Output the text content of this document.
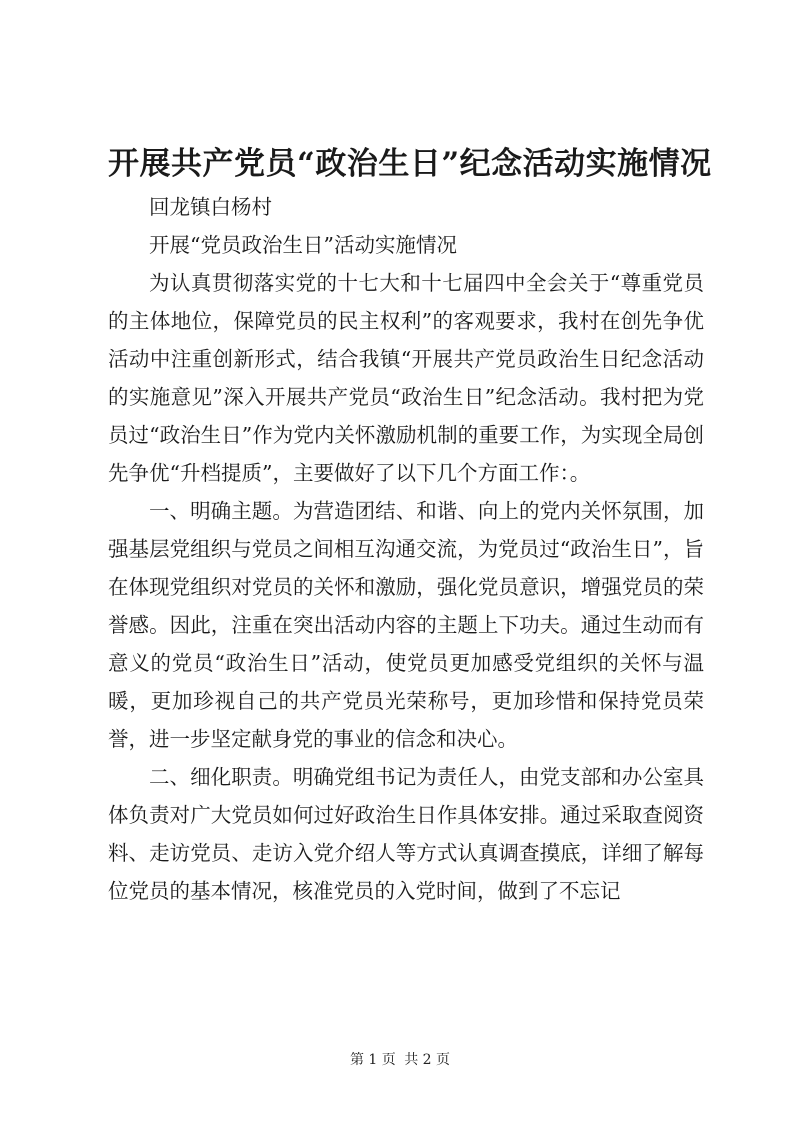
开展共产党员“政治生日”纪念活动实施情况

回龙镇白杨村

开展“党员政治生日”活动实施情况

为认真贯彻落实党的十七大和十七届四中全会关于“尊重党员的主体地位，保障党员的民主权利”的客观要求，我村在创先争优活动中注重创新形式，结合我镇“开展共产党员政治生日纪念活动的实施意见”深入开展共产党员“政治生日”纪念活动。我村把为党员过“政治生日”作为党内关怀激励机制的重要工作，为实现全局创先争优“升档提质”，主要做好了以下几个方面工作：。

一、明确主题。为营造团结、和谐、向上的党内关怀氛围，加强基层党组织与党员之间相互沟通交流，为党员过“政治生日”，旨在体现党组织对党员的关怀和激励，强化党员意识，增强党员的荣誉感。因此，注重在突出活动内容的主题上下功夫。通过生动而有意义的党员“政治生日”活动，使党员更加感受党组织的关怀与温暖，更加珍视自己的共产党员光荣称号，更加珍惜和保持党员荣誉，进一步坚定献身党的事业的信念和决心。

二、细化职责。明确党组书记为责任人，由党支部和办公室具体负责对广大党员如何过好政治生日作具体安排。通过采取查阅资料、走访党员、走访入党介绍人等方式认真调查摸底，详细了解每位党员的基本情况，核准党员的入党时间，做到了不忘记

第 1 页 共 2 页
